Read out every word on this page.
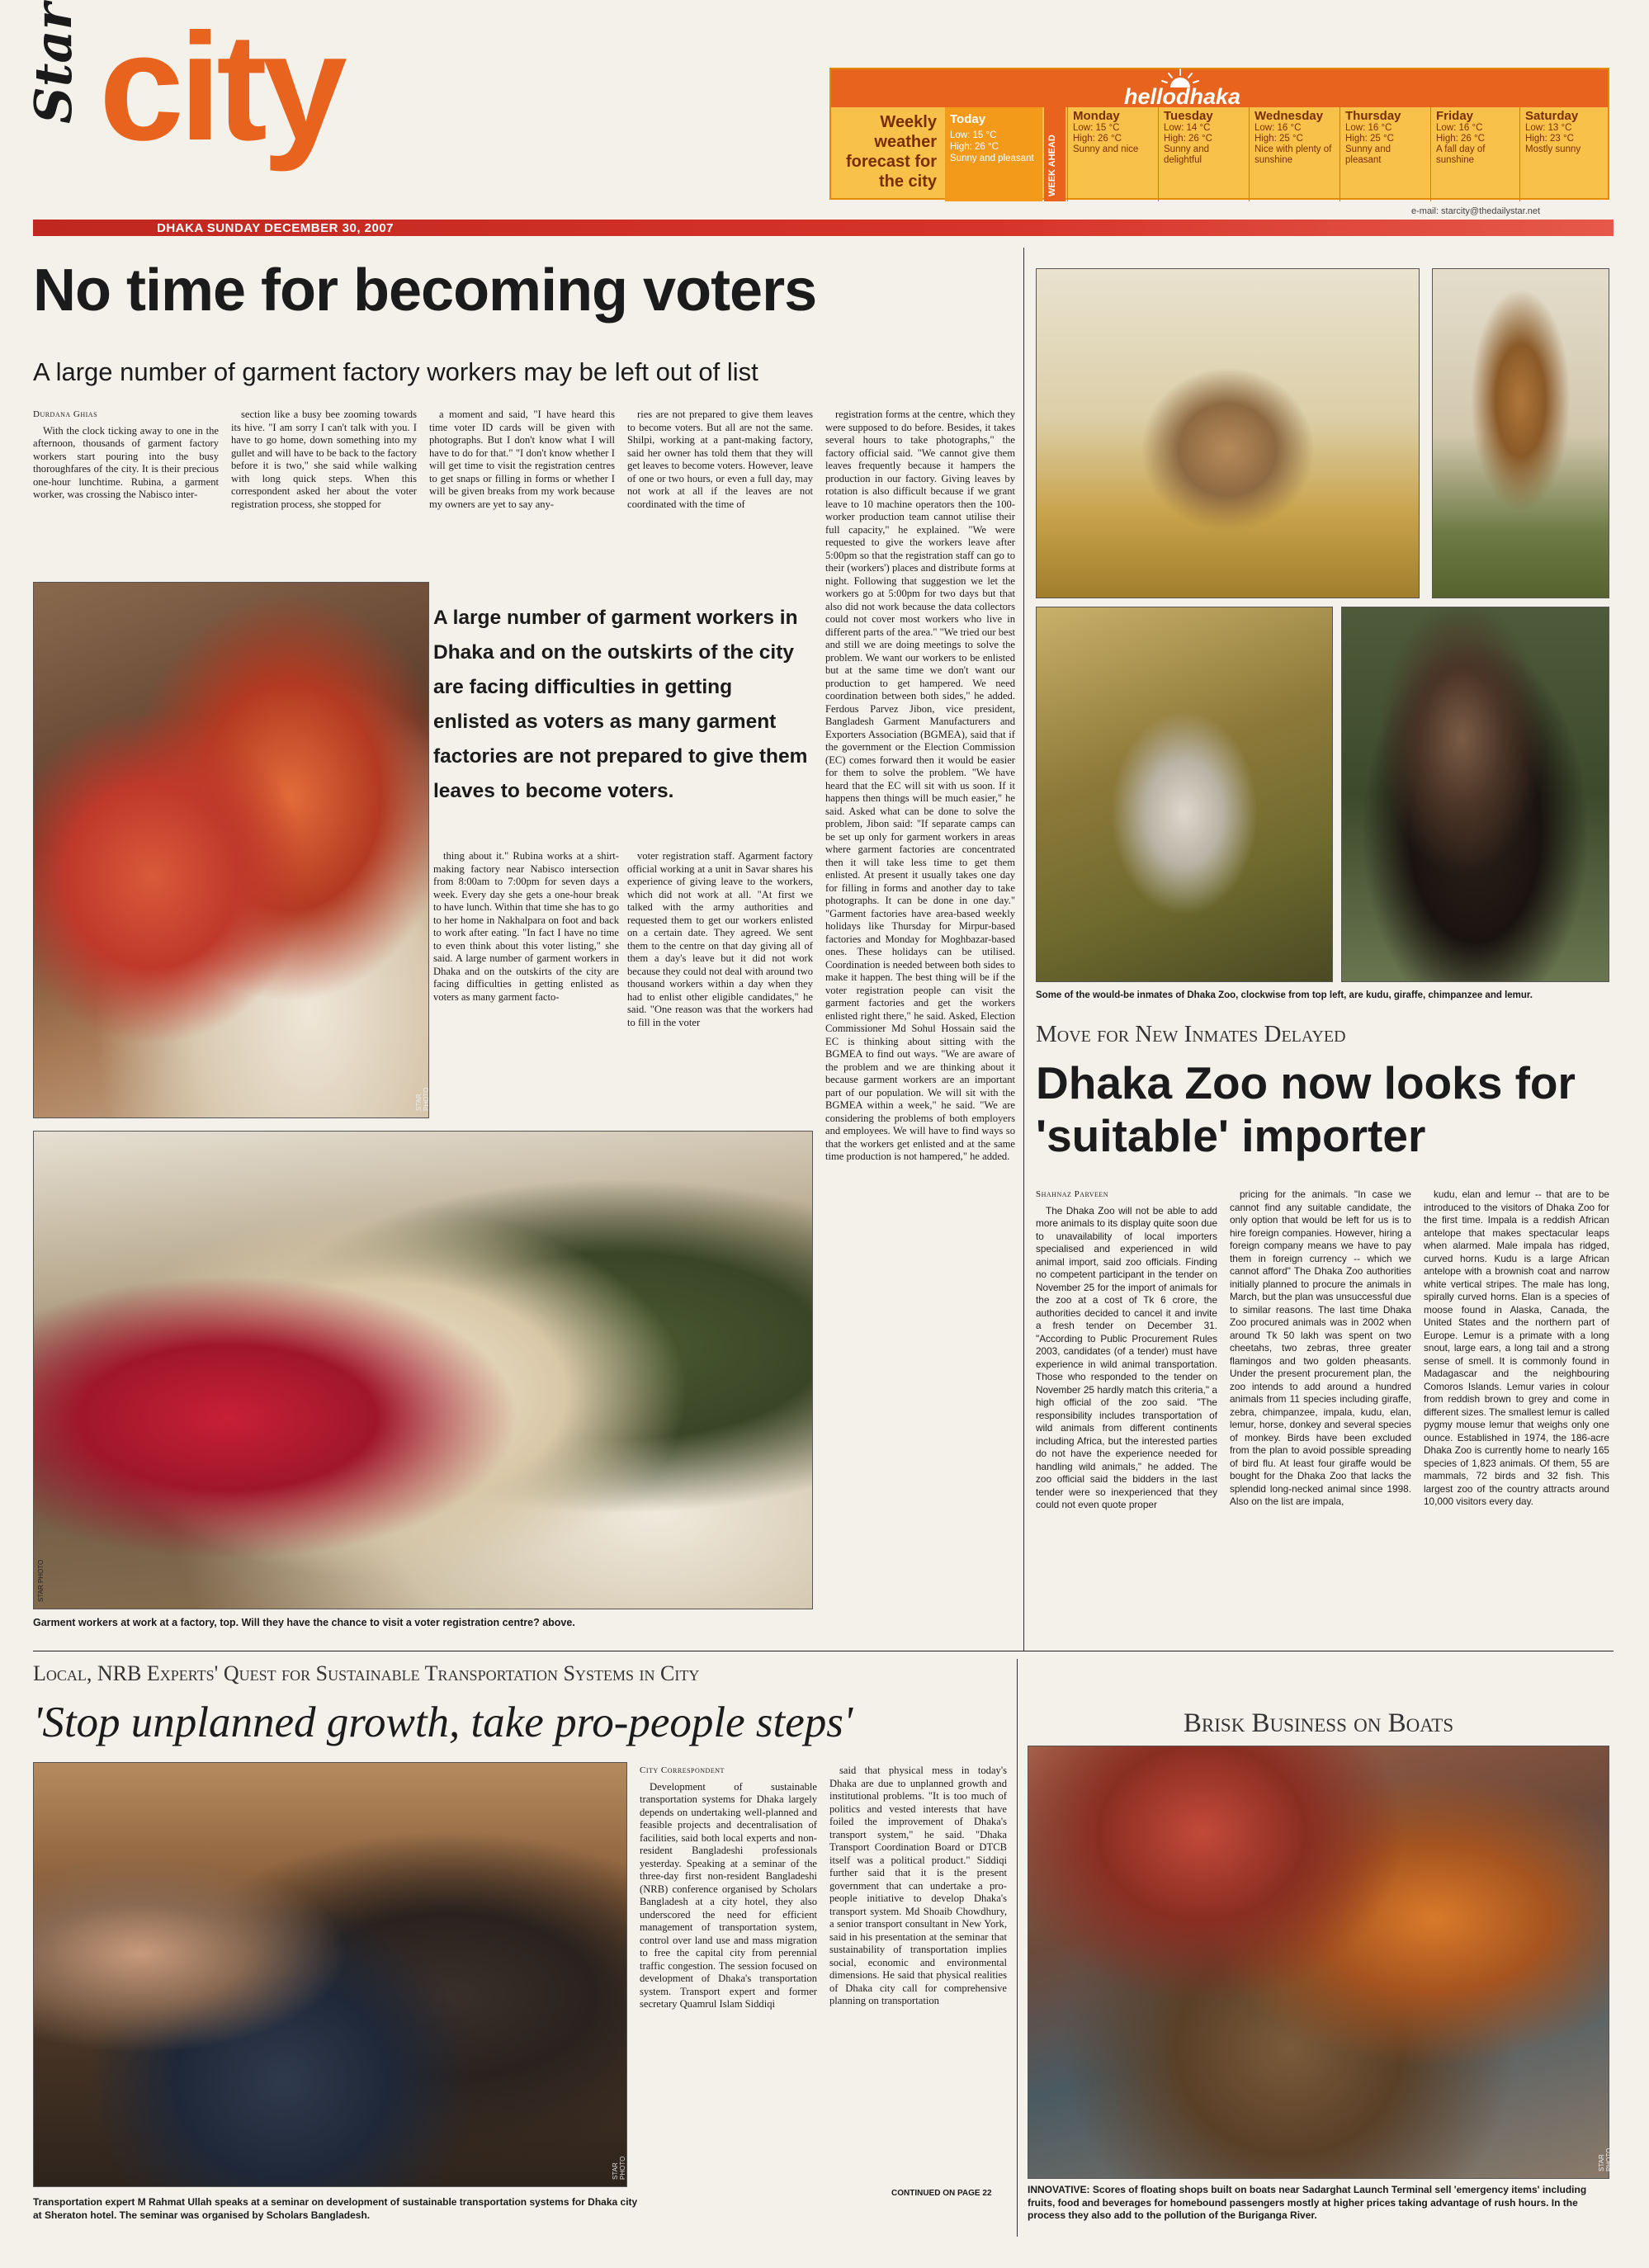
Star city
DHAKA SUNDAY DECEMBER 30, 2007
e-mail: starcity@thedailystar.net
hellodhaka
Weekly weather forecast for the city
Today
Low: 15 °C
High: 26 °C
Sunny and pleasant	WEEK AHEAD
Monday
Low: 15 °C
High: 26 °C
Sunny and nice
Tuesday
Low: 14 °C
High: 26 °C
Sunny and delightful
Wednesday
Low: 16 °C
High: 25 °C
Nice with plenty of sunshine
Thursday
Low: 16 °C
High: 25 °C
Sunny and pleasant
Friday
Low: 16 °C
High: 26 °C
A fall day of sunshine
Saturday
Low: 13 °C
High: 23 °C
Mostly sunny
No time for becoming voters
A large number of garment factory workers may be left out of list
Durdana Ghias

With the clock ticking away to one in the afternoon, thousands of garment factory workers start pouring into the busy thoroughfares of the city. It is their precious one-hour lunchtime. Rubina, a garment worker, was crossing the Nabisco inter-

section like a busy bee zooming towards its hive. "I am sorry I can't talk with you. I have to go home, down something into my gullet and will have to be back to the factory before it is two," she said while walking with long quick steps. When this correspondent asked her about the voter registration process, she stopped for

a moment and said, "I have heard this time voter ID cards will be given with photographs. But I don't know what I will have to do for that." "I don't know whether I will get time to visit the registration centres to get snaps or filling in forms or whether I will be given breaks from my work because my owners are yet to say any-

ries are not prepared to give them leaves to become voters. But all are not the same. Shilpi, working at a pant-making factory, said her owner has told them that they will get leaves to become voters. However, leave of one or two hours, or even a full day, may not work at all if the leaves are not coordinated with the time of

STAR PHOTO
A large number of garment workers in Dhaka and on the outskirts of the city are facing difficulties in getting enlisted as voters as many garment factories are not prepared to give them leaves to become voters.

thing about it." Rubina works at a shirt-making factory near Nabisco intersection from 8:00am to 7:00pm for seven days a week. Every day she gets a one-hour break to have lunch. Within that time she has to go to her home in Nakhalpara on foot and back to work after eating. "In fact I have no time to even think about this voter listing," she said. A large number of garment workers in Dhaka and on the outskirts of the city are facing difficulties in getting enlisted as voters as many garment facto-

voter registration staff. Agarment factory official working at a unit in Savar shares his experience of giving leave to the workers, which did not work at all. "At first we talked with the army authorities and requested them to get our workers enlisted on a certain date. They agreed. We sent them to the centre on that day giving all of them a day's leave but it did not work because they could not deal with around two thousand workers within a day when they had to enlist other eligible candidates," he said. "One reason was that the workers had to fill in the voter

registration forms at the centre, which they were supposed to do before. Besides, it takes several hours to take photographs," the factory official said. "We cannot give them leaves frequently because it hampers the production in our factory. Giving leaves by rotation is also difficult because if we grant leave to 10 machine operators then the 100-worker production team cannot utilise their full capacity," he explained. "We were requested to give the workers leave after 5:00pm so that the registration staff can go to their (workers') places and distribute forms at night. Following that suggestion we let the workers go at 5:00pm for two days but that also did not work because the data collectors could not cover most workers who live in different parts of the area." "We tried our best and still we are doing meetings to solve the problem. We want our workers to be enlisted but at the same time we don't want our production to get hampered. We need coordination between both sides," he added. Ferdous Parvez Jibon, vice president, Bangladesh Garment Manufacturers and Exporters Association (BGMEA), said that if the government or the Election Commission (EC) comes forward then it would be easier for them to solve the problem. "We have heard that the EC will sit with us soon. If it happens then things will be much easier," he said. Asked what can be done to solve the problem, Jibon said: "If separate camps can be set up only for garment workers in areas where garment factories are concentrated then it will take less time to get them enlisted. At present it usually takes one day for filling in forms and another day to take photographs. It can be done in one day." "Garment factories have area-based weekly holidays like Thursday for Mirpur-based factories and Monday for Moghbazar-based ones. These holidays can be utilised. Coordination is needed between both sides to make it happen. The best thing will be if the voter registration people can visit the garment factories and get the workers enlisted right there," he said. Asked, Election Commissioner Md Sohul Hossain said the EC is thinking about sitting with the BGMEA to find out ways. "We are aware of the problem and we are thinking about it because garment workers are an important part of our population. We will sit with the BGMEA within a week," he said. "We are considering the problems of both employers and employees. We will have to find ways so that the workers get enlisted and at the same time production is not hampered," he added.

STAR PHOTO
Garment workers at work at a factory, top. Will they have the chance to visit a voter registration centre? above.
Some of the would-be inmates of Dhaka Zoo, clockwise from top left, are kudu, giraffe, chimpanzee and lemur.
Move for New Inmates Delayed
Dhaka Zoo now looks for 'suitable' importer
Shahnaz Parveen

The Dhaka Zoo will not be able to add more animals to its display quite soon due to unavailability of local importers specialised and experienced in wild animal import, said zoo officials. Finding no competent participant in the tender on November 25 for the import of animals for the zoo at a cost of Tk 6 crore, the authorities decided to cancel it and invite a fresh tender on December 31. "According to Public Procurement Rules 2003, candidates (of a tender) must have experience in wild animal transportation. Those who responded to the tender on November 25 hardly match this criteria," a high official of the zoo said. "The responsibility includes transportation of wild animals from different continents including Africa, but the interested parties do not have the experience needed for handling wild animals," he added. The zoo official said the bidders in the last tender were so inexperienced that they could not even quote proper

pricing for the animals. "In case we cannot find any suitable candidate, the only option that would be left for us is to hire foreign companies. However, hiring a foreign company means we have to pay them in foreign currency -- which we cannot afford" The Dhaka Zoo authorities initially planned to procure the animals in March, but the plan was unsuccessful due to similar reasons. The last time Dhaka Zoo procured animals was in 2002 when around Tk 50 lakh was spent on two cheetahs, two zebras, three greater flamingos and two golden pheasants. Under the present procurement plan, the zoo intends to add around a hundred animals from 11 species including giraffe, zebra, chimpanzee, impala, kudu, elan, lemur, horse, donkey and several species of monkey. Birds have been excluded from the plan to avoid possible spreading of bird flu. At least four giraffe would be bought for the Dhaka Zoo that lacks the splendid long-necked animal since 1998. Also on the list are impala,

kudu, elan and lemur -- that are to be introduced to the visitors of Dhaka Zoo for the first time. Impala is a reddish African antelope that makes spectacular leaps when alarmed. Male impala has ridged, curved horns. Kudu is a large African antelope with a brownish coat and narrow white vertical stripes. The male has long, spirally curved horns. Elan is a species of moose found in Alaska, Canada, the United States and the northern part of Europe. Lemur is a primate with a long snout, large ears, a long tail and a strong sense of smell. It is commonly found in Madagascar and the neighbouring Comoros Islands. Lemur varies in colour from reddish brown to grey and come in different sizes. The smallest lemur is called pygmy mouse lemur that weighs only one ounce. Established in 1974, the 186-acre Dhaka Zoo is currently home to nearly 165 species of 1,823 animals. Of them, 55 are mammals, 72 birds and 32 fish. This largest zoo of the country attracts around 10,000 visitors every day.

Local, NRB Experts' Quest for Sustainable Transportation Systems in City
'Stop unplanned growth, take pro-people steps'
STAR PHOTO
City Correspondent

Development of sustainable transportation systems for Dhaka largely depends on undertaking well-planned and feasible projects and decentralisation of facilities, said both local experts and non-resident Bangladeshi professionals yesterday. Speaking at a seminar of the three-day first non-resident Bangladeshi (NRB) conference organised by Scholars Bangladesh at a city hotel, they also underscored the need for efficient management of transportation system, control over land use and mass migration to free the capital city from perennial traffic congestion. The session focused on development of Dhaka's transportation system. Transport expert and former secretary Quamrul Islam Siddiqi

said that physical mess in today's Dhaka are due to unplanned growth and institutional problems. "It is too much of politics and vested interests that have foiled the improvement of Dhaka's transport system," he said. "Dhaka Transport Coordination Board or DTCB itself was a political product." Siddiqi further said that it is the present government that can undertake a pro-people initiative to develop Dhaka's transport system. Md Shoaib Chowdhury, a senior transport consultant in New York, said in his presentation at the seminar that sustainability of transportation implies social, economic and environmental dimensions. He said that physical realities of Dhaka city call for comprehensive planning on transportation

CONTINUED ON PAGE 22
Transportation expert M Rahmat Ullah speaks at a seminar on development of sustainable transportation systems for Dhaka city at Sheraton hotel. The seminar was organised by Scholars Bangladesh.
Brisk Business on Boats
STAR PHOTO
INNOVATIVE: Scores of floating shops built on boats near Sadarghat Launch Terminal sell 'emergency items' including fruits, food and beverages for homebound passengers mostly at higher prices taking advantage of rush hours. In the process they also add to the pollution of the Buriganga River.
